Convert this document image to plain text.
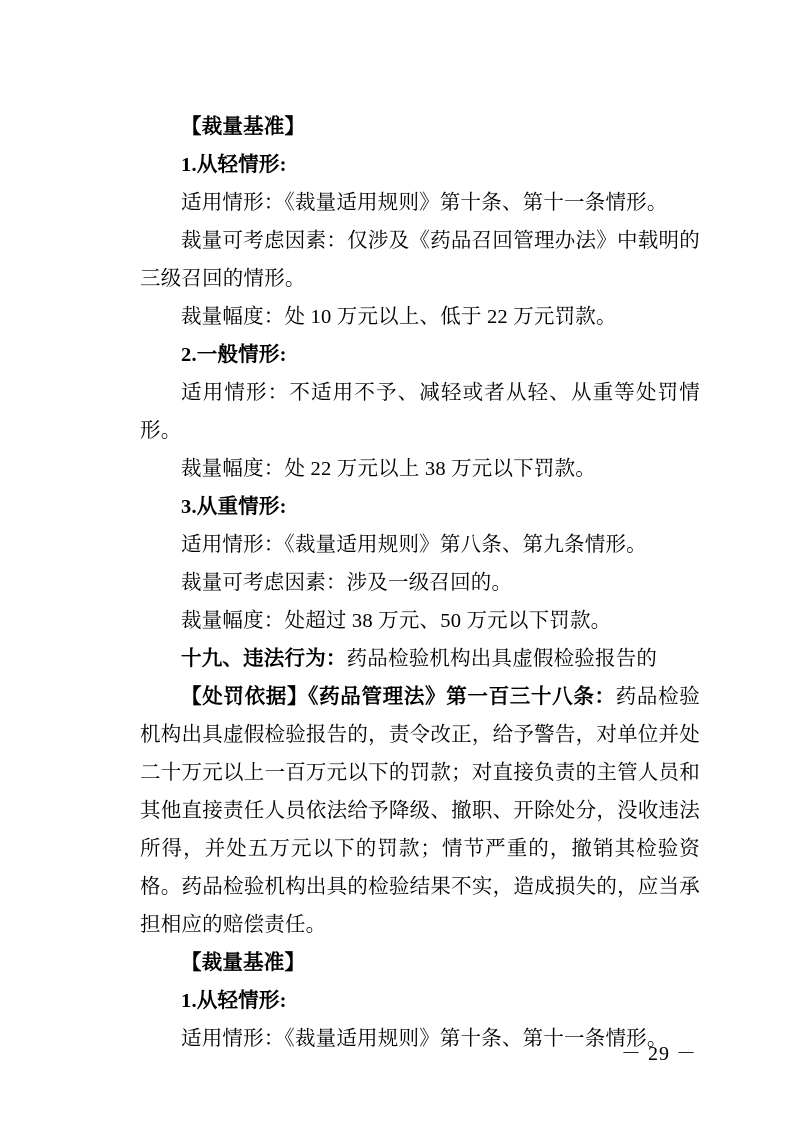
【裁量基准】

1.从轻情形:

适用情形：《裁量适用规则》第十条、第十一条情形。

裁量可考虑因素：仅涉及《药品召回管理办法》中载明的三级召回的情形。

裁量幅度：处 10 万元以上、低于 22 万元罚款。

2.一般情形:

适用情形：不适用不予、减轻或者从轻、从重等处罚情形。

裁量幅度：处 22 万元以上 38 万元以下罚款。

3.从重情形:

适用情形：《裁量适用规则》第八条、第九条情形。

裁量可考虑因素：涉及一级召回的。

裁量幅度：处超过 38 万元、50 万元以下罚款。

十九、违法行为：药品检验机构出具虚假检验报告的

【处罚依据】《药品管理法》第一百三十八条：药品检验机构出具虚假检验报告的，责令改正，给予警告，对单位并处二十万元以上一百万元以下的罚款；对直接负责的主管人员和其他直接责任人员依法给予降级、撤职、开除处分，没收违法所得，并处五万元以下的罚款；情节严重的，撤销其检验资格。药品检验机构出具的检验结果不实，造成损失的，应当承担相应的赔偿责任。

【裁量基准】

1.从轻情形:

适用情形：《裁量适用规则》第十条、第十一条情形。

－ 29 －
